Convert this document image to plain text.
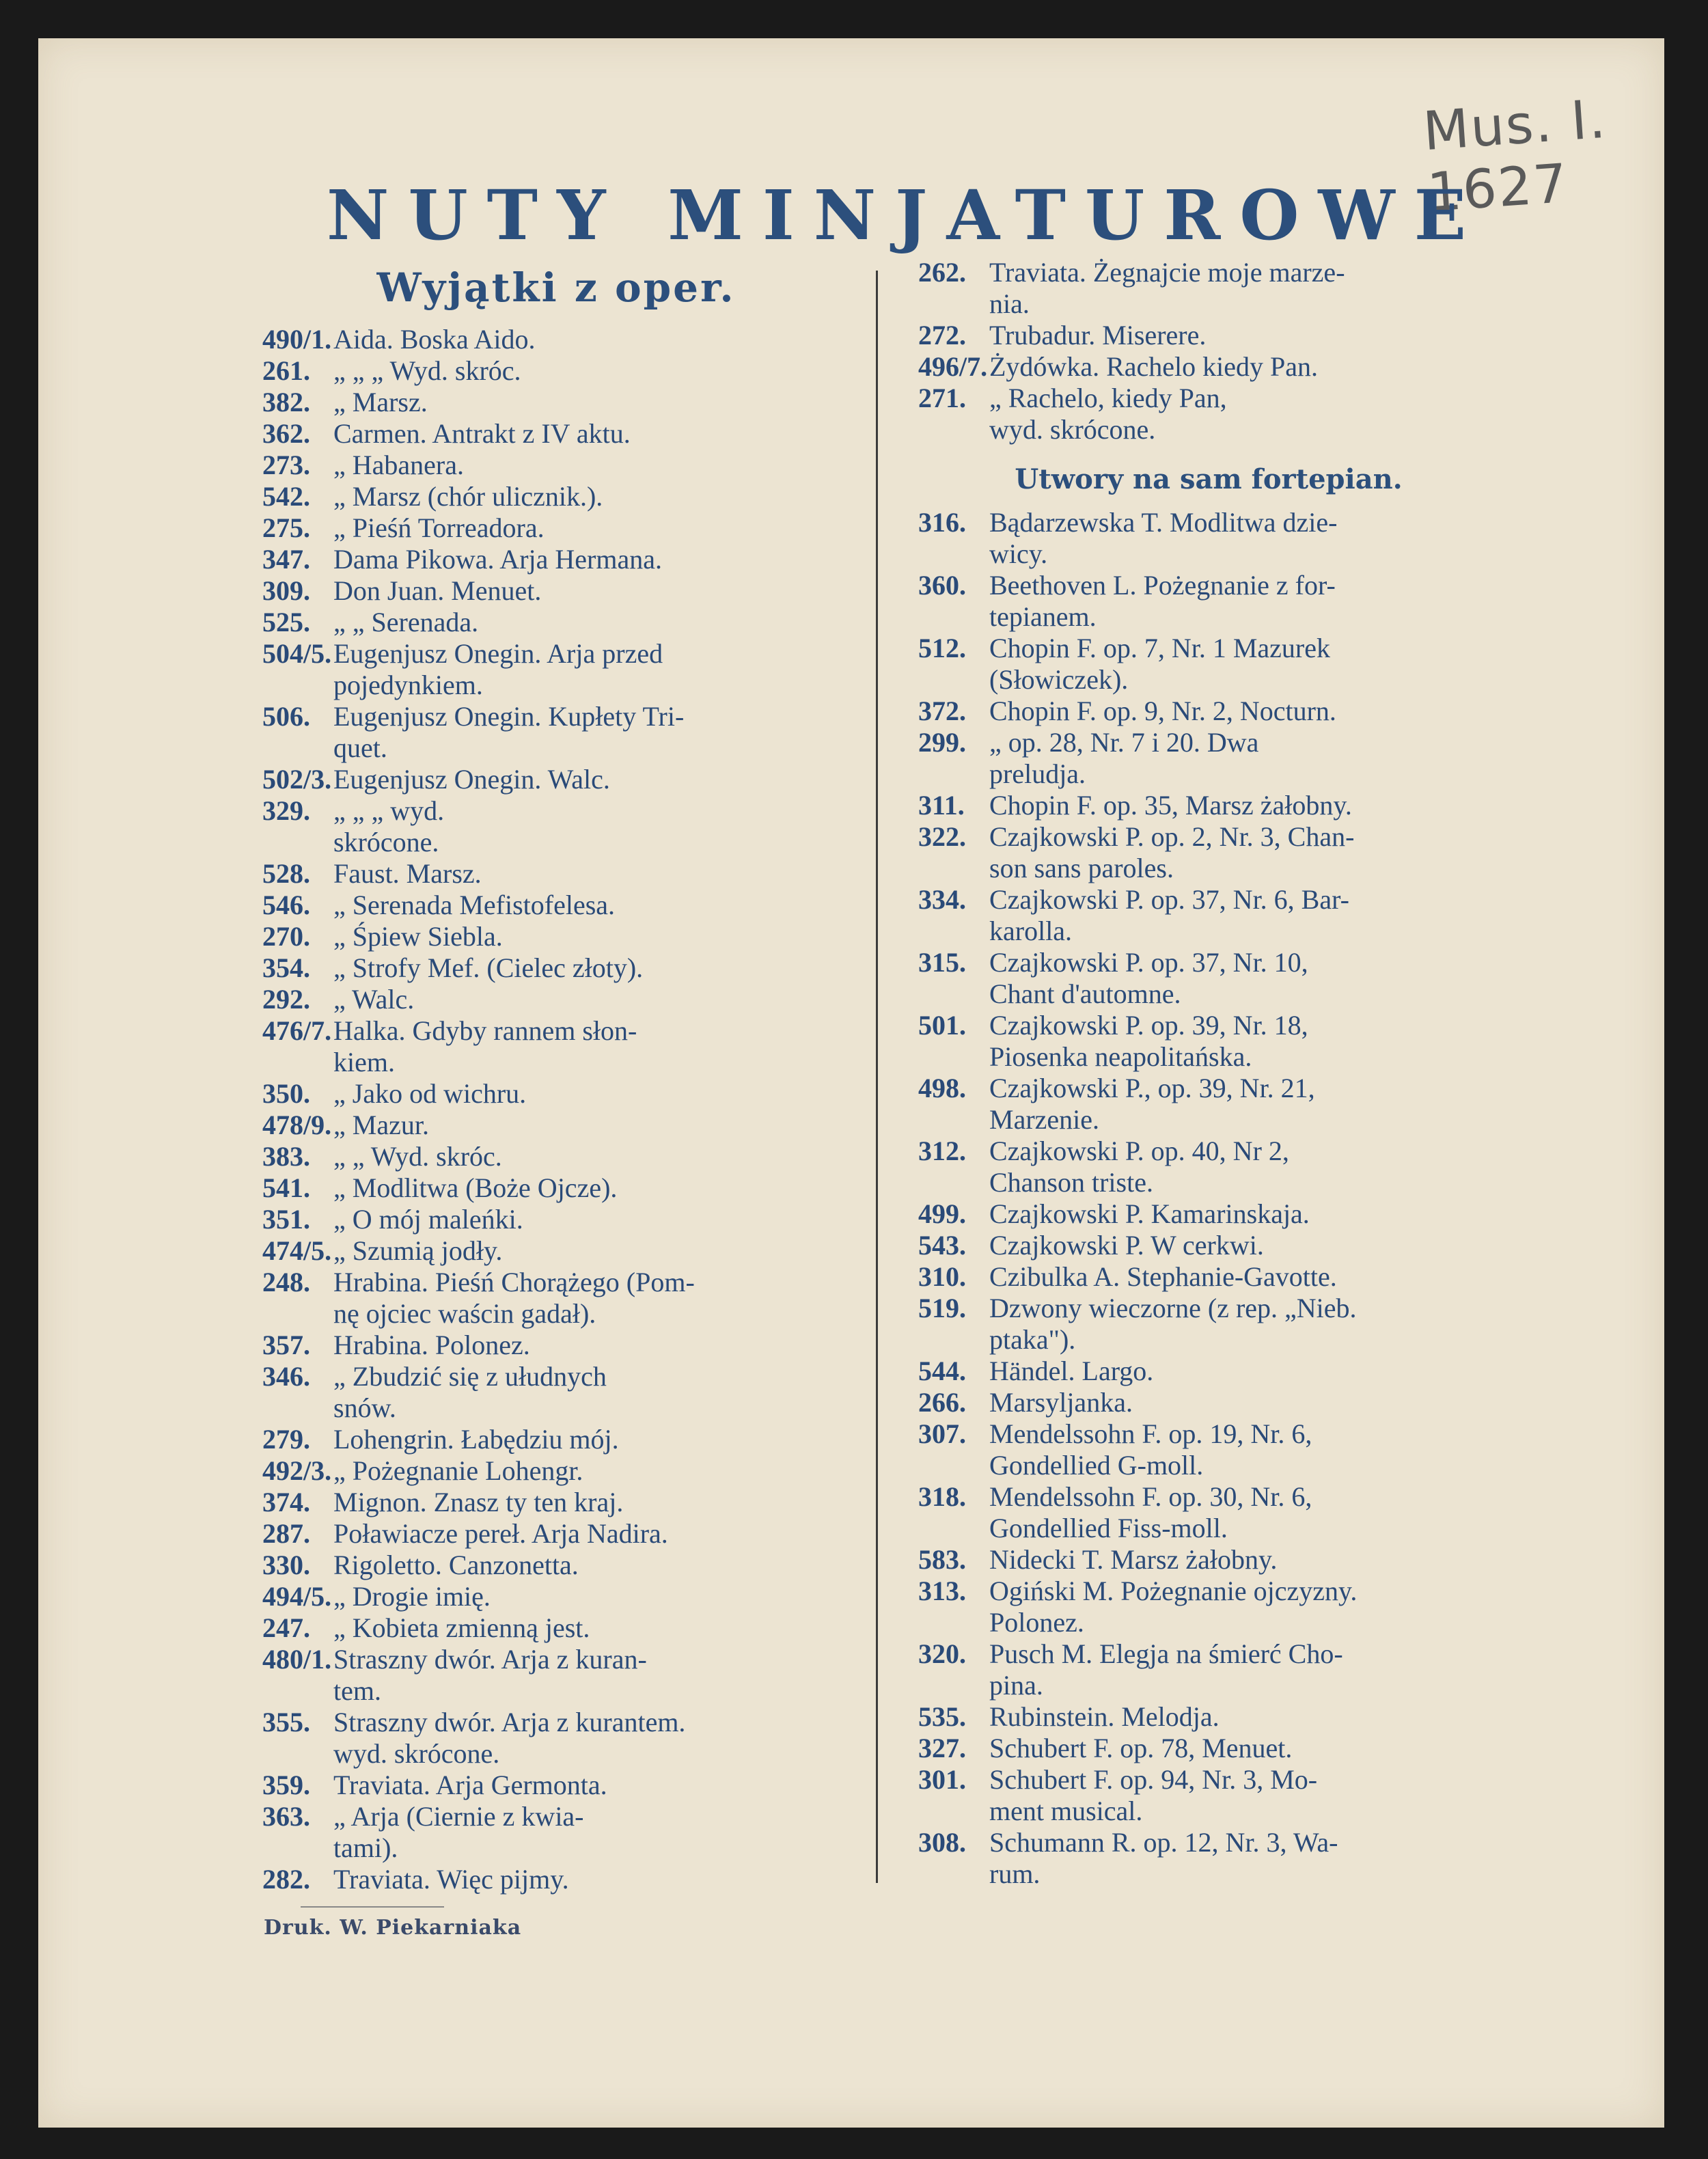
Mus. I. 1627
NUTY MINJATUROWE
Wyjątki z oper.
490/1. Aida. Boska Aido.
261. „ „ „ Wyd. skróc.
382. „ Marsz.
362. Carmen. Antrakt z IV aktu.
273. „ Habanera.
542. „ Marsz (chór ulicznik.).
275. „ Pieśń Torreadora.
347. Dama Pikowa. Arja Hermana.
309. Don Juan. Menuet.
525. „ „ Serenada.
504/5. Eugenjusz Onegin. Arja przed
pojedynkiem.
506. Eugenjusz Onegin. Kupłety Tri-
quet.
502/3. Eugenjusz Onegin. Walc.
329. „ „ „ wyd.
skrócone.
528. Faust. Marsz.
546. „ Serenada Mefistofelesa.
270. „ Śpiew Siebla.
354. „ Strofy Mef. (Cielec złoty).
292. „ Walc.
476/7. Halka. Gdyby rannem słon-
kiem.
350. „ Jako od wichru.
478/9. „ Mazur.
383. „ „ Wyd. skróc.
541. „ Modlitwa (Boże Ojcze).
351. „ O mój maleńki.
474/5. „ Szumią jodły.
248. Hrabina. Pieśń Chorążego (Pom-
nę ojciec waścin gadał).
357. Hrabina. Polonez.
346. „ Zbudzić się z ułudnych
snów.
279. Lohengrin. Łabędziu mój.
492/3. „ Pożegnanie Lohengr.
374. Mignon. Znasz ty ten kraj.
287. Poławiacze pereł. Arja Nadira.
330. Rigoletto. Canzonetta.
494/5. „ Drogie imię.
247. „ Kobieta zmienną jest.
480/1. Straszny dwór. Arja z kuran-
tem.
355. Straszny dwór. Arja z kurantem.
wyd. skrócone.
359. Traviata. Arja Germonta.
363. „ Arja (Ciernie z kwia-
tami).
282. Traviata. Więc pijmy.
262. Traviata. Żegnajcie moje marze-
nia.
272. Trubadur. Miserere.
496/7. Żydówka. Rachelo kiedy Pan.
271. „ Rachelo, kiedy Pan,
wyd. skrócone.
Utwory na sam fortepian.
316. Bądarzewska T. Modlitwa dzie-
wicy.
360. Beethoven L. Pożegnanie z for-
tepianem.
512. Chopin F. op. 7, Nr. 1 Mazurek
(Słowiczek).
372. Chopin F. op. 9, Nr. 2, Nocturn.
299. „ op. 28, Nr. 7 i 20. Dwa
preludja.
311. Chopin F. op. 35, Marsz żałobny.
322. Czajkowski P. op. 2, Nr. 3, Chan-
son sans paroles.
334. Czajkowski P. op. 37, Nr. 6, Bar-
karolla.
315. Czajkowski P. op. 37, Nr. 10,
Chant d'automne.
501. Czajkowski P. op. 39, Nr. 18,
Piosenka neapolitańska.
498. Czajkowski P., op. 39, Nr. 21,
Marzenie.
312. Czajkowski P. op. 40, Nr 2,
Chanson triste.
499. Czajkowski P. Kamarinskaja.
543. Czajkowski P. W cerkwi.
310. Czibulka A. Stephanie-Gavotte.
519. Dzwony wieczorne (z rep. „Nieb.
ptaka").
544. Händel. Largo.
266. Marsyljanka.
307. Mendelssohn F. op. 19, Nr. 6,
Gondellied G-moll.
318. Mendelssohn F. op. 30, Nr. 6,
Gondellied Fiss-moll.
583. Nidecki T. Marsz żałobny.
313. Ogiński M. Pożegnanie ojczyzny.
Polonez.
320. Pusch M. Elegja na śmierć Cho-
pina.
535. Rubinstein. Melodja.
327. Schubert F. op. 78, Menuet.
301. Schubert F. op. 94, Nr. 3, Mo-
ment musical.
308. Schumann R. op. 12, Nr. 3, Wa-
rum.
Druk. W. Piekarniaka
